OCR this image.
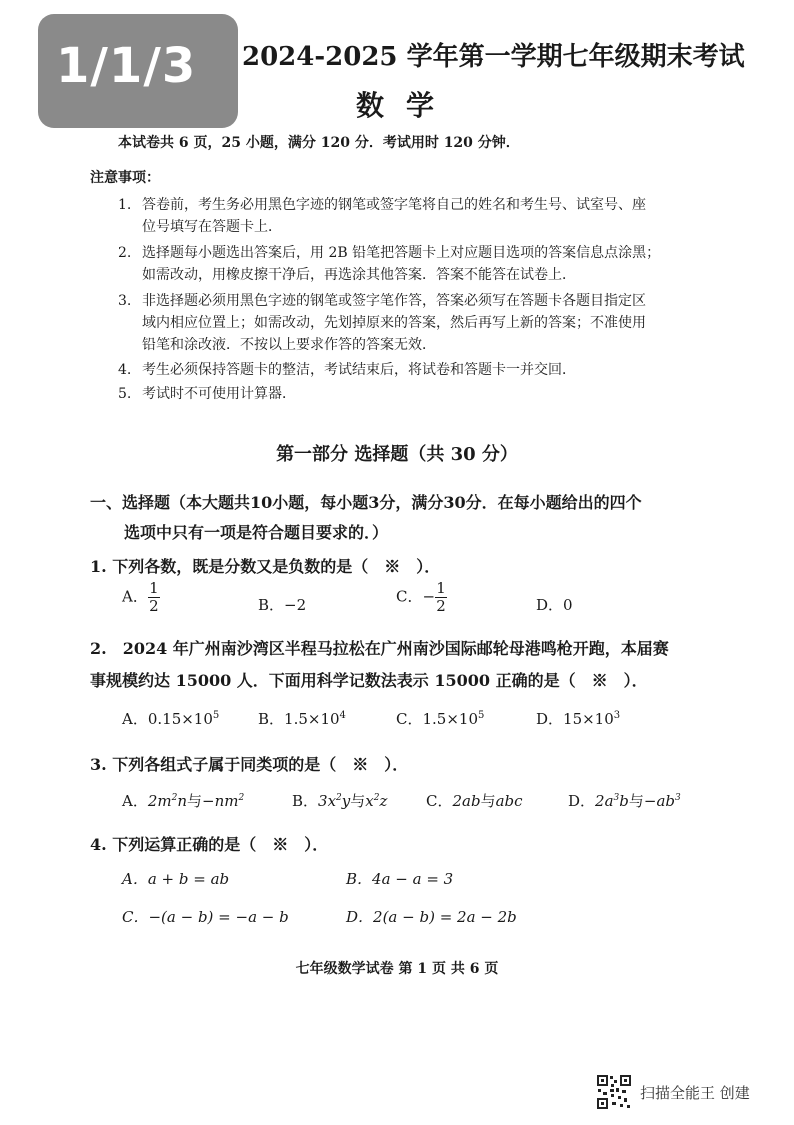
1/1/3 2024-2025 学年第一学期七年级期末考试
数学
本试卷共 6 页，25 小题，满分 120 分．考试用时 120 分钟．
注意事项：
1. 答卷前，考生务必用黑色字迹的钢笔或签字笔将自己的姓名和考生号、试室号、座
位号填写在答题卡上．
2. 选择题每小题选出答案后，用 2B 铅笔把答题卡上对应题目选项的答案信息点涂黑；
如需改动，用橡皮擦干净后，再选涂其他答案．答案不能答在试卷上．
3. 非选择题必须用黑色字迹的钢笔或签字笔作答，答案必须写在答题卡各题目指定区
域内相应位置上；如需改动，先划掉原来的答案，然后再写上新的答案；不准使用
铅笔和涂改液．不按以上要求作答的答案无效．
4. 考生必须保持答题卡的整洁，考试结束后，将试卷和答题卡一并交回．
5. 考试时不可使用计算器．
第一部分 选择题（共 30 分）
一、选择题（本大题共10小题，每小题3分，满分30分．在每小题给出的四个
选项中只有一项是符合题目要求的．）
1. 下列各数，既是分数又是负数的是（　※　）．
A． $\frac{1}{2}$	B．−2	C．− $\frac{1}{2}$	D．0
2.　2024 年广州南沙湾区半程马拉松在广州南沙国际邮轮母港鸣枪开跑，本届赛
事规模约达 15000 人．下面用科学记数法表示 15000 正确的是（　※　）．
A．$0.15\times 10^5$	B．$1.5\times 10^4$	C．$1.5\times 10^5$	D．$15\times 10^3$
3. 下列各组式子属于同类项的是（　※　）．
A．$2m^2n$与$-nm^2$	B．$3x^2y$与$x^2z$	C．2ab与abc	D．$2a^3b$与$-ab^3$
4. 下列运算正确的是（　※　）．
A．a + b = ab	B．4a − a = 3
C．−(a − b) = −a − b	D．2(a − b) = 2a − 2b
七年级数学试卷 第 1 页 共 6 页
扫描全能王 创建
